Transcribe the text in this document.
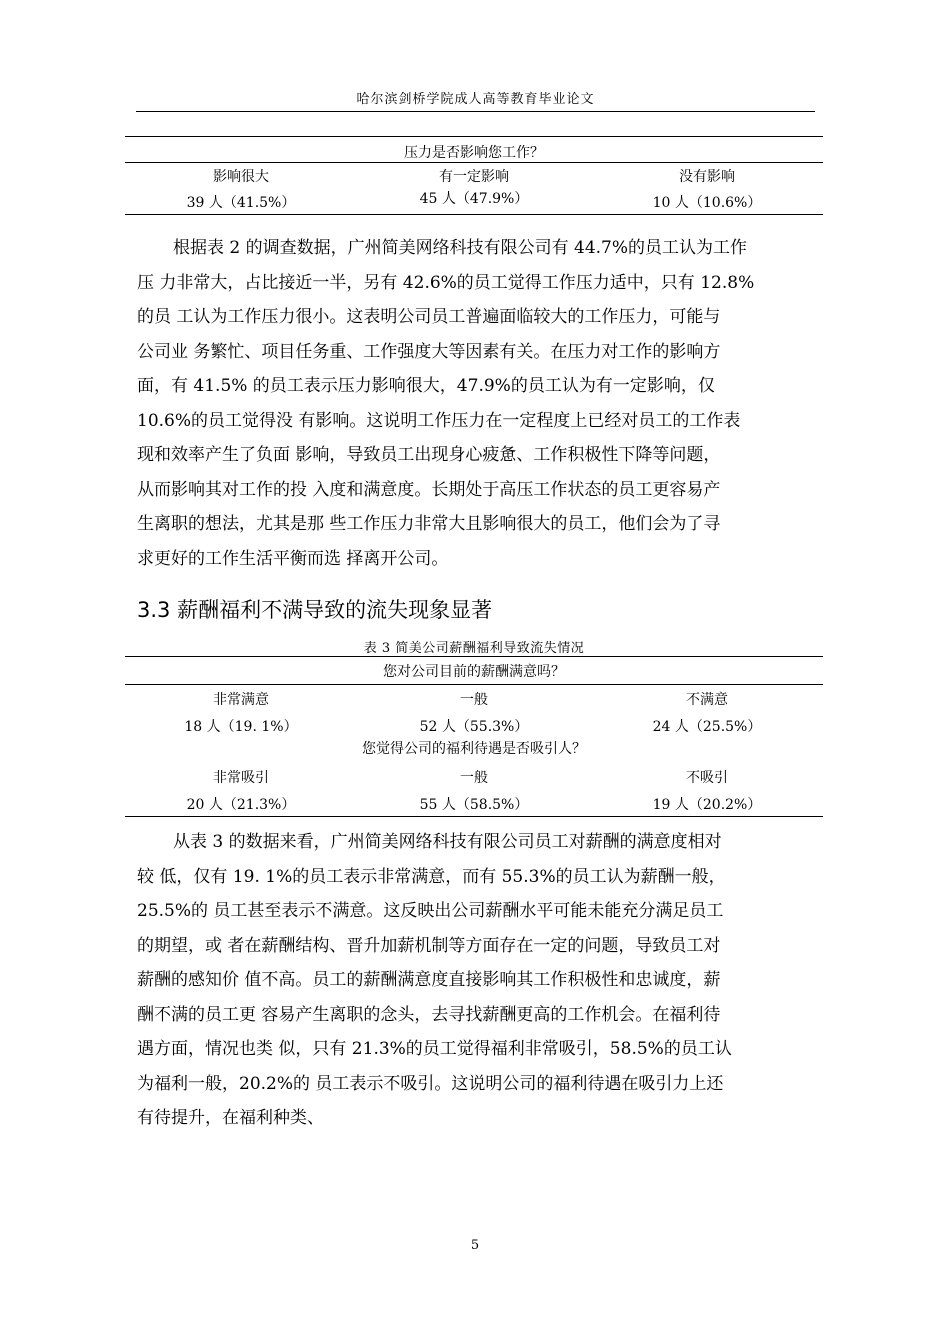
哈尔滨剑桥学院成人高等教育毕业论文
压力是否影响您工作？
影响很大	有一定影响	没有影响
39 人（41.5%）	45 人（47.9%）	10 人（10.6%）
根据表 2 的调查数据，广州简美网络科技有限公司有 44.7%的员工认为工作
压 力非常大，占比接近一半，另有 42.6%的员工觉得工作压力适中，只有 12.8%
的员 工认为工作压力很小。这表明公司员工普遍面临较大的工作压力，可能与
公司业 务繁忙、项目任务重、工作强度大等因素有关。在压力对工作的影响方
面，有 41.5% 的员工表示压力影响很大，47.9%的员工认为有一定影响，仅
10.6%的员工觉得没 有影响。这说明工作压力在一定程度上已经对员工的工作表
现和效率产生了负面 影响，导致员工出现身心疲惫、工作积极性下降等问题，
从而影响其对工作的投 入度和满意度。长期处于高压工作状态的员工更容易产
生离职的想法，尤其是那 些工作压力非常大且影响很大的员工，他们会为了寻
求更好的工作生活平衡而选 择离开公司。
3.3 薪酬福利不满导致的流失现象显著
表 3 简美公司薪酬福利导致流失情况
您对公司目前的薪酬满意吗？
非常满意	一般	不满意
18 人（19. 1%）	52 人（55.3%）	24 人（25.5%）
您觉得公司的福利待遇是否吸引人？
非常吸引	一般	不吸引
20 人（21.3%）	55 人（58.5%）	19 人（20.2%）
从表 3 的数据来看，广州简美网络科技有限公司员工对薪酬的满意度相对
较 低，仅有 19. 1%的员工表示非常满意，而有 55.3%的员工认为薪酬一般，
25.5%的 员工甚至表示不满意。这反映出公司薪酬水平可能未能充分满足员工
的期望，或 者在薪酬结构、晋升加薪机制等方面存在一定的问题，导致员工对
薪酬的感知价 值不高。员工的薪酬满意度直接影响其工作积极性和忠诚度，薪
酬不满的员工更 容易产生离职的念头，去寻找薪酬更高的工作机会。在福利待
遇方面，情况也类 似，只有 21.3%的员工觉得福利非常吸引，58.5%的员工认
为福利一般，20.2%的 员工表示不吸引。这说明公司的福利待遇在吸引力上还
有待提升，在福利种类、
5
